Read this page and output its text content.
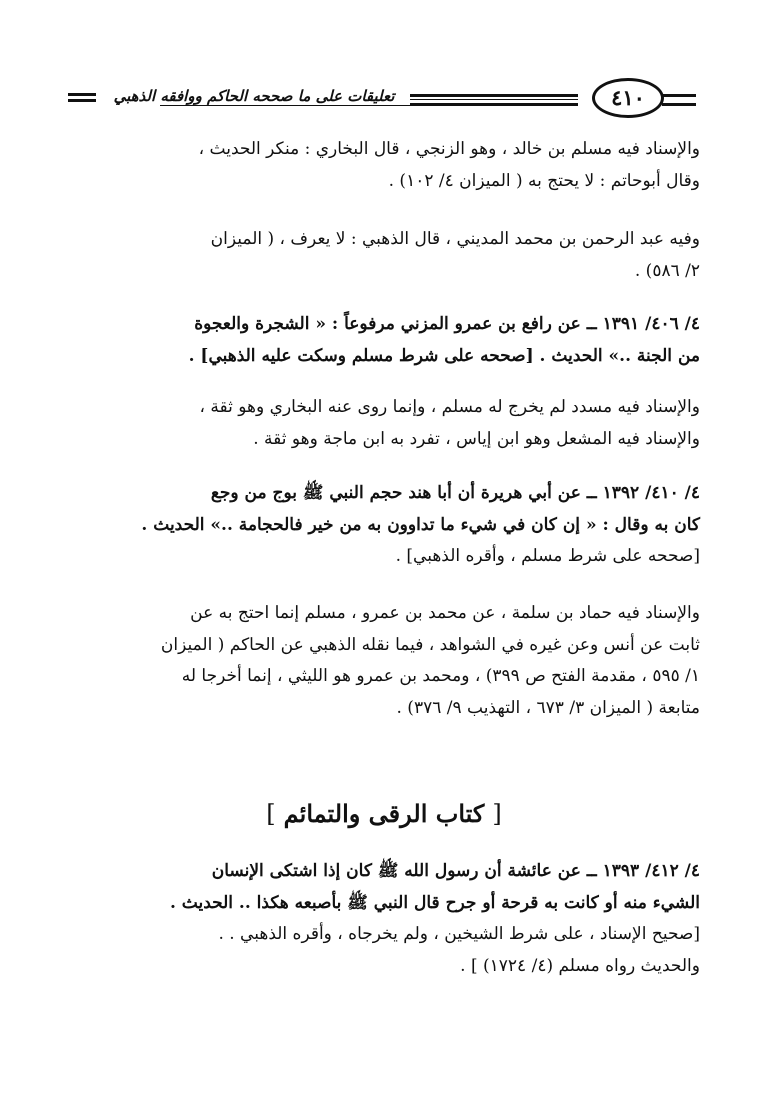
تعليقات على ما صححه الحاكم ووافقه الذهبي	٤١٠
والإسناد فيه مسلم بن خالد ، وهو الزنجي ، قال البخاري : منكر الحديث ،
وقال أبوحاتم : لا يحتج به ( الميزان ٤/ ١٠٢) .
وفيه عبد الرحمن بن محمد المديني ، قال الذهبي : لا يعرف ، ( الميزان
٢/ ٥٨٦) .
٤/ ٤٠٦/ ١٣٩١ ــ عن رافع بن عمرو المزني مرفوعاً : « الشجرة والعجوة
من الجنة ..» الحديث . [صححه على شرط مسلم وسكت عليه الذهبي] .
والإسناد فيه مسدد لم يخرج له مسلم ، وإنما روى عنه البخاري وهو ثقة ،
والإسناد فيه المشعل وهو ابن إياس ، تفرد به ابن ماجة وهو ثقة .
٤/ ٤١٠/ ١٣٩٢ ــ عن أبي هريرة أن أبا هند حجم النبي ﷺ بوج من وجع
كان به وقال : « إن كان في شيء ما تداوون به من خير فالحجامة ..» الحديث .
[صححه على شرط مسلم ، وأقره الذهبي] .
والإسناد فيه حماد بن سلمة ، عن محمد بن عمرو ، مسلم إنما احتج به عن
ثابت عن أنس وعن غيره في الشواهد ، فيما نقله الذهبي عن الحاكم ( الميزان
١/ ٥٩٥ ، مقدمة الفتح ص ٣٩٩) ، ومحمد بن عمرو هو الليثي ، إنما أخرجا له
متابعة ( الميزان ٣/ ٦٧٣ ، التهذيب ٩/ ٣٧٦) .
[كتاب الرقى والتمائم]
٤/ ٤١٢/ ١٣٩٣ ــ عن عائشة أن رسول الله ﷺ كان إذا اشتكى الإنسان
الشيء منه أو كانت به قرحة أو جرح قال النبي ﷺ بأصبعه هكذا .. الحديث .
[صحيح الإسناد ، على شرط الشيخين ، ولم يخرجاه ، وأقره الذهبي . .
والحديث رواه مسلم (٤/ ١٧٢٤) ] .
